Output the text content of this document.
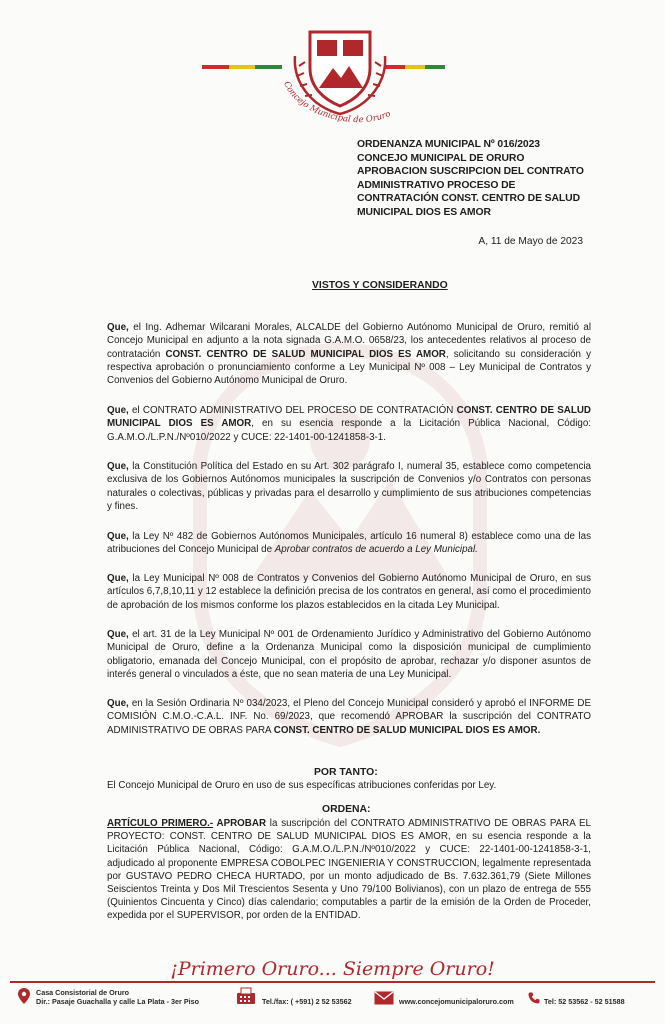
Concejo Municipal de Oruro
ORDENANZA MUNICIPAL Nº 016/2023
CONCEJO MUNICIPAL DE ORURO
APROBACION SUSCRIPCION DEL CONTRATO
ADMINISTRATIVO PROCESO DE
CONTRATACIÓN CONST. CENTRO DE SALUD
MUNICIPAL DIOS ES AMOR
A, 11 de Mayo de 2023
VISTOS Y CONSIDERANDO
Que, el Ing. Adhemar Wilcarani Morales, ALCALDE del Gobierno Autónomo Municipal de Oruro, remitió al Concejo Municipal en adjunto a la nota signada G.A.M.O. 0658/23, los antecedentes relativos al proceso de contratación CONST. CENTRO DE SALUD MUNICIPAL DIOS ES AMOR, solicitando su consideración y respectiva aprobación o pronunciamiento conforme a Ley Municipal Nº 008 – Ley Municipal de Contratos y Convenios del Gobierno Autónomo Municipal de Oruro.
Que, el CONTRATO ADMINISTRATIVO DEL PROCESO DE CONTRATACIÓN CONST. CENTRO DE SALUD MUNICIPAL DIOS ES AMOR, en su esencia responde a la Licitación Pública Nacional, Código: G.A.M.O./L.P.N./Nº010/2022 y CUCE: 22-1401-00-1241858-3-1.
Que, la Constitución Política del Estado en su Art. 302 parágrafo I, numeral 35, establece como competencia exclusiva de los Gobiernos Autónomos municipales la suscripción de Convenios y/o Contratos con personas naturales o colectivas, públicas y privadas para el desarrollo y cumplimiento de sus atribuciones competencias y fines.
Que, la Ley Nº 482 de Gobiernos Autónomos Municipales, artículo 16 numeral 8) establece como una de las atribuciones del Concejo Municipal de Aprobar contratos de acuerdo a Ley Municipal.
Que, la Ley Municipal Nº 008 de Contratos y Convenios del Gobierno Autónomo Municipal de Oruro, en sus artículos 6,7,8,10,11 y 12 establece la definición precisa de los contratos en general, así como el procedimiento de aprobación de los mismos conforme los plazos establecidos en la citada Ley Municipal.
Que, el art. 31 de la Ley Municipal Nº 001 de Ordenamiento Jurídico y Administrativo del Gobierno Autónomo Municipal de Oruro, define a la Ordenanza Municipal como la disposición municipal de cumplimiento obligatorio, emanada del Concejo Municipal, con el propósito de aprobar, rechazar y/o disponer asuntos de interés general o vinculados a éste, que no sean materia de una Ley Municipal.
Que, en la Sesión Ordinaria Nº 034/2023, el Pleno del Concejo Municipal consideró y aprobó el INFORME DE COMISIÓN C.M.O.-C.A.L. INF. No. 69/2023, que recomendó APROBAR la suscripción del CONTRATO ADMINISTRATIVO DE OBRAS PARA CONST. CENTRO DE SALUD MUNICIPAL DIOS ES AMOR.
POR TANTO:
El Concejo Municipal de Oruro en uso de sus específicas atribuciones conferidas por Ley.
ORDENA:
ARTÍCULO PRIMERO.- APROBAR la suscripción del CONTRATO ADMINISTRATIVO DE OBRAS PARA EL PROYECTO: CONST. CENTRO DE SALUD MUNICIPAL DIOS ES AMOR, en su esencia responde a la Licitación Pública Nacional, Código: G.A.M.O./L.P.N./Nº010/2022 y CUCE: 22-1401-00-1241858-3-1, adjudicado al proponente EMPRESA COBOLPEC INGENIERIA Y CONSTRUCCION, legalmente representada por GUSTAVO PEDRO CHECA HURTADO, por un monto adjudicado de Bs. 7.632.361,79 (Siete Millones Seiscientos Treinta y Dos Mil Trescientos Sesenta y Uno 79/100 Bolivianos), con un plazo de entrega de 555 (Quinientos Cincuenta y Cinco) días calendario; computables a partir de la emisión de la Orden de Proceder, expedida por el SUPERVISOR, por orden de la ENTIDAD.
¡Primero Oruro... Siempre Oruro!
Casa Consistorial de Oruro
Dir.: Pasaje Guachalla y calle La Plata - 3er Piso	Tel./fax: ( +591) 2 52 53562	www.concejomunicipaloruro.com	Tel: 52 53562 - 52 51588
